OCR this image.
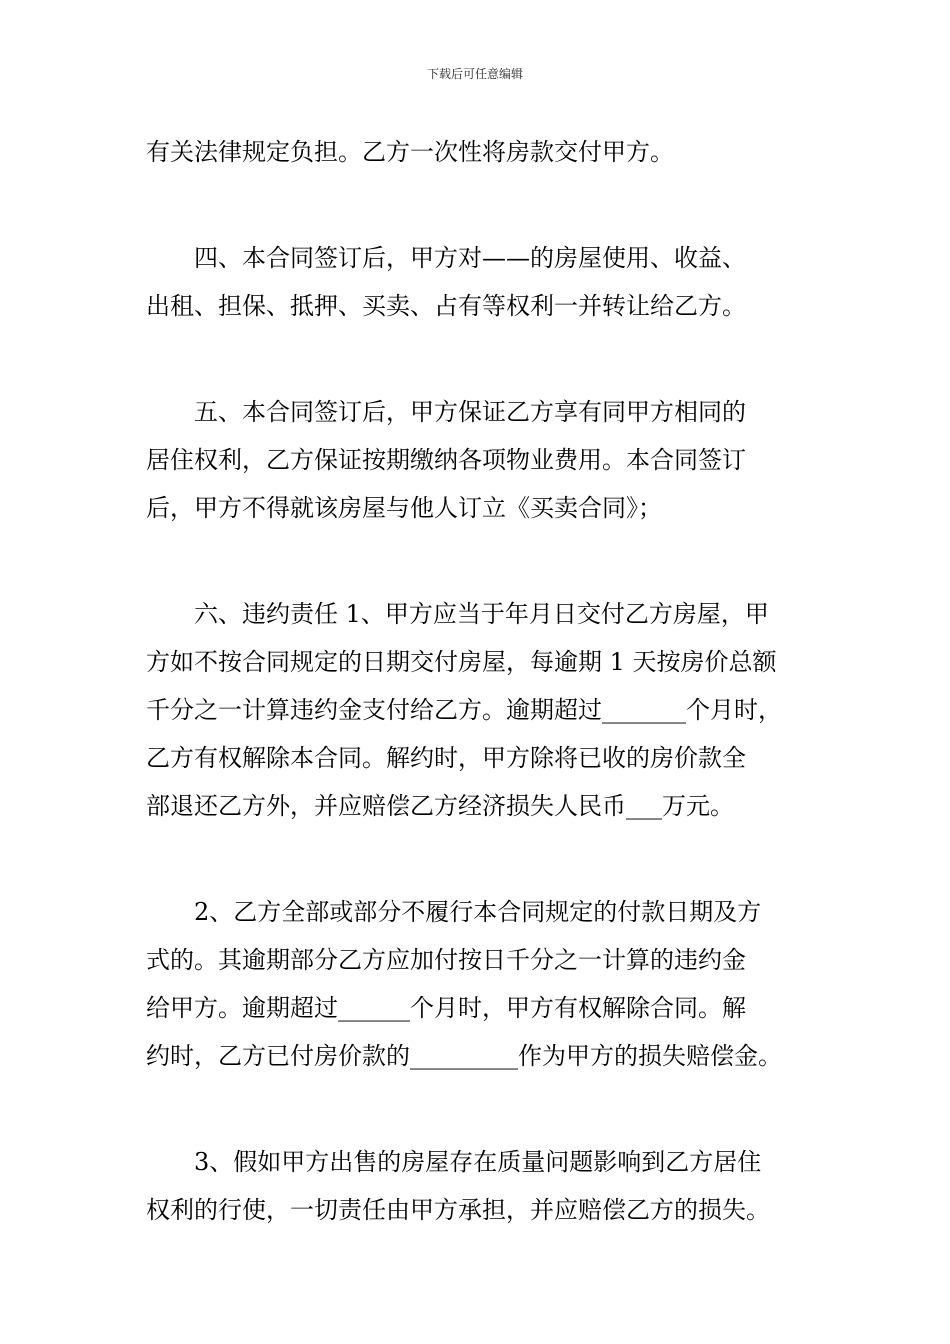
下载后可任意编辑
有关法律规定负担。乙方一次性将房款交付甲方。
四、本合同签订后，甲方对——的房屋使用、收益、
出租、担保、抵押、买卖、占有等权利一并转让给乙方。
五、本合同签订后，甲方保证乙方享有同甲方相同的
居住权利，乙方保证按期缴纳各项物业费用。本合同签订
后，甲方不得就该房屋与他人订立《买卖合同》；
六、违约责任 1、甲方应当于年月日交付乙方房屋，甲
方如不按合同规定的日期交付房屋，每逾期 1 天按房价总额
千分之一计算违约金支付给乙方。逾期超过_______个月时，
乙方有权解除本合同。解约时，甲方除将已收的房价款全
部退还乙方外，并应赔偿乙方经济损失人民币___万元。
2、乙方全部或部分不履行本合同规定的付款日期及方
式的。其逾期部分乙方应加付按日千分之一计算的违约金
给甲方。逾期超过______个月时，甲方有权解除合同。解
约时，乙方已付房价款的_________作为甲方的损失赔偿金。
3、假如甲方出售的房屋存在质量问题影响到乙方居住
权利的行使，一切责任由甲方承担，并应赔偿乙方的损失。
